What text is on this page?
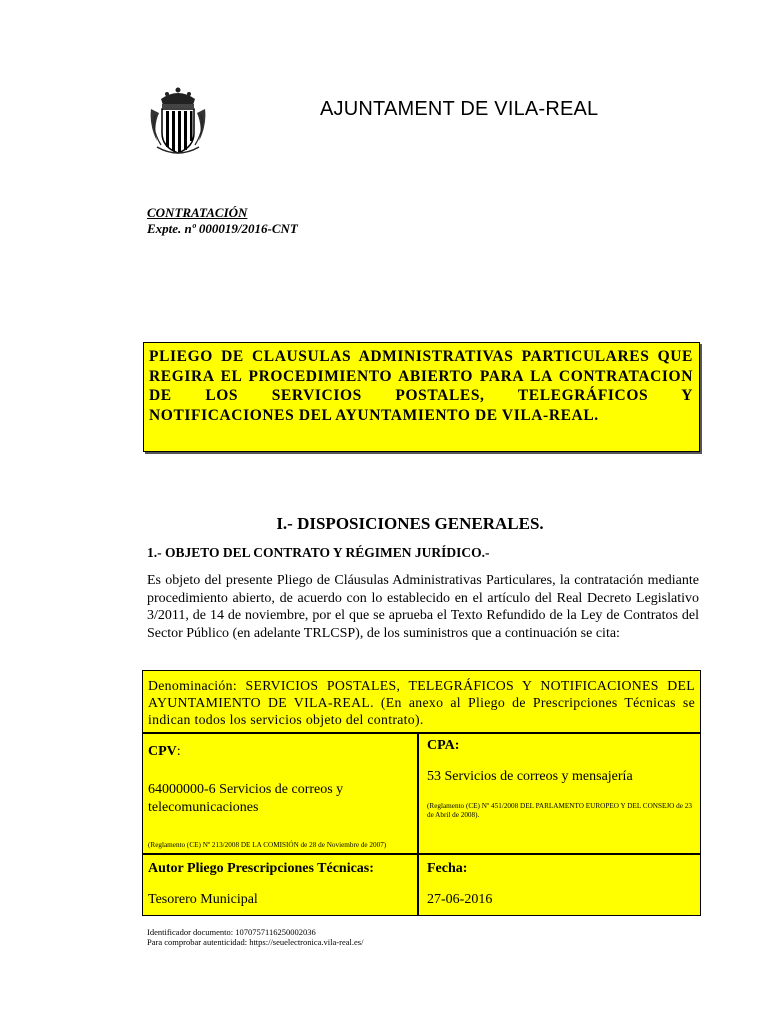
AJUNTAMENT DE VILA-REAL
CONTRATACIÓN
Expte. nº 000019/2016-CNT
PLIEGO DE CLAUSULAS ADMINISTRATIVAS PARTICULARES QUE REGIRA EL PROCEDIMIENTO ABIERTO PARA LA CONTRATACION DE LOS SERVICIOS POSTALES, TELEGRÁFICOS Y NOTIFICACIONES DEL AYUNTAMIENTO DE VILA-REAL.
I.- DISPOSICIONES GENERALES.
1.- OBJETO DEL CONTRATO Y RÉGIMEN JURÍDICO.-
Es objeto del presente Pliego de Cláusulas Administrativas Particulares, la contratación mediante procedimiento abierto, de acuerdo con lo establecido en el artículo del Real Decreto Legislativo 3/2011, de 14 de noviembre, por el que se aprueba el Texto Refundido de la Ley de Contratos del Sector Público (en adelante TRLCSP), de los suministros que a continuación se cita:
Denominación: SERVICIOS POSTALES, TELEGRÁFICOS Y NOTIFICACIONES DEL AYUNTAMIENTO DE VILA-REAL. (En anexo al Pliego de Prescripciones Técnicas se indican todos los servicios objeto del contrato).
CPV:
64000000-6 Servicios de correos y telecomunicaciones
(Reglamento (CE) Nº 213/2008 DE LA COMISIÓN de 28 de Noviembre de 2007)
CPA:
53 Servicios de correos y mensajería
(Reglamento (CE) Nº 451/2008 DEL PARLAMENTO EUROPEO Y DEL CONSEJO de 23 de Abril de 2008).
Autor Pliego Prescripciones Técnicas:
Tesorero Municipal
Fecha:
27-06-2016
Identificador documento: 1070757116250002036
Para comprobar autenticidad: https://seuelectronica.vila-real.es/
